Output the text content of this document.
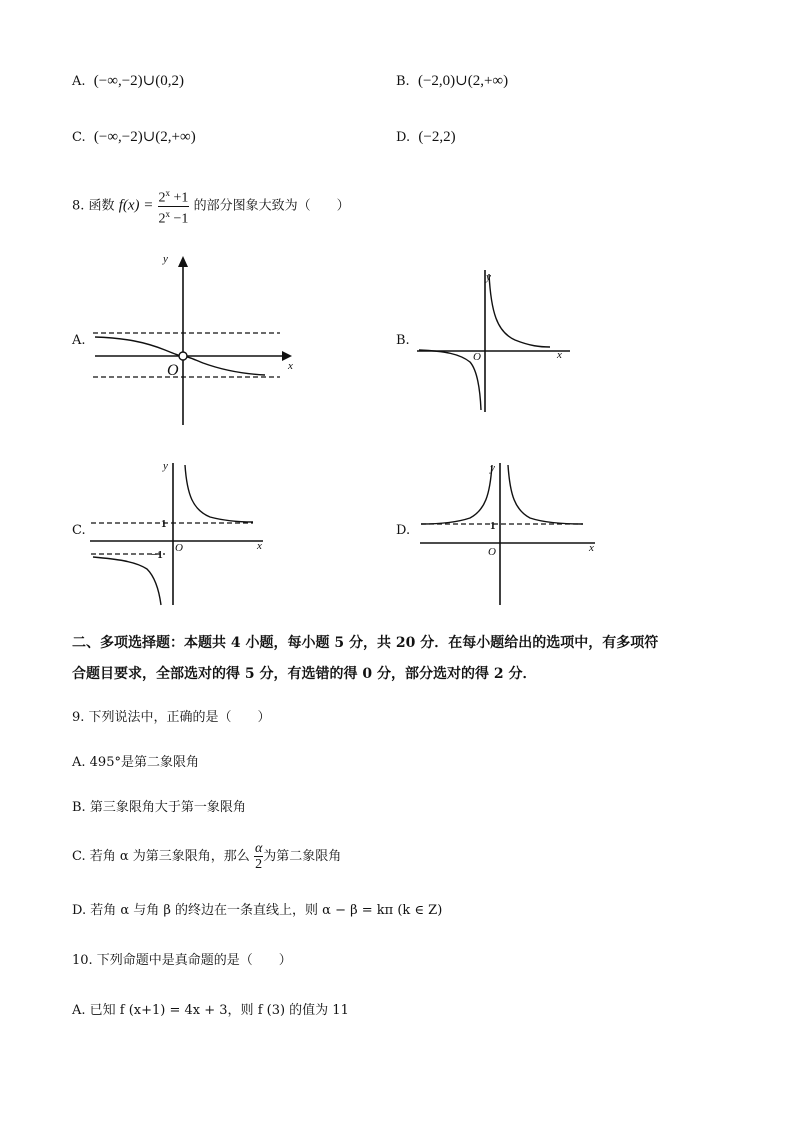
A. (−∞,−2)∪(0,2)	B. (−2,0)∪(2,+∞)
C. (−∞,−2)∪(2,+∞)	D. (−2,2)
8. 函数 $f(x) = \frac{2^x +1}{2^x -1}$ 的部分图象大致为（　　）
A.
y
x
O
B.
y
x
O
C.
y
x
O
1
−1
D.
y
x
O
1
二、多项选择题：本题共 4 小题，每小题 5 分，共 20 分．在每小题给出的选项中，有多项符
合题目要求，全部选对的得 5 分，有选错的得 0 分，部分选对的得 2 分．
9. 下列说法中，正确的是（　　）
A. 495°是第二象限角
B. 第三象限角大于第一象限角
C. 若角 α 为第三象限角，那么 $\frac{\alpha}{2}$ 为第二象限角
D. 若角 α 与角 β 的终边在一条直线上，则 α − β = kπ (k ∈ Z)
10. 下列命题中是真命题的是（　　）
A. 已知 f (x+1) = 4x + 3，则 f (3) 的值为 11
